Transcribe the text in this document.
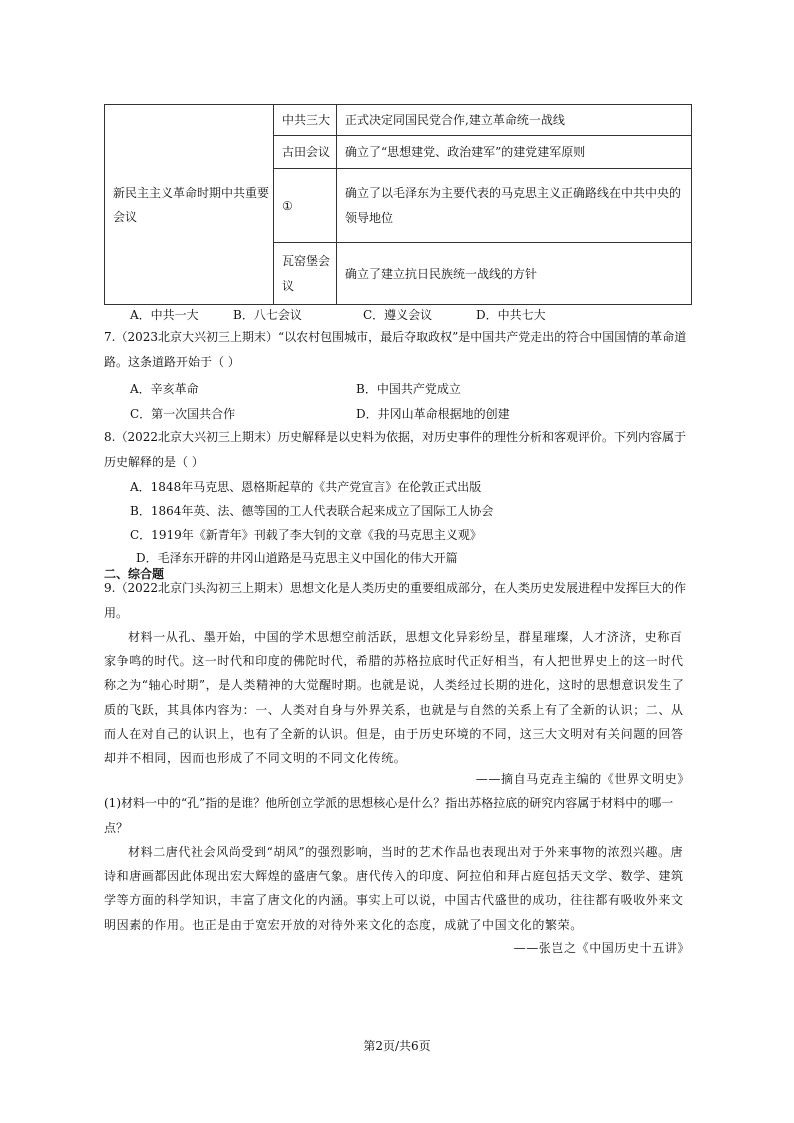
新民主主义革命时期中共重要会议	中共三大	正式决定同国民党合作,建立革命统一战线
	古田会议	确立了“思想建党、政治建军”的建党建军原则
	①	确立了以毛泽东为主要代表的马克思主义正确路线在中共中央的领导地位
	瓦窑堡会议	确立了建立抗日民族统一战线的方针
A．中共一大	B．八七会议	C．遵义会议	D．中共七大
7.（2023北京大兴初三上期末）“以农村包围城市，最后夺取政权”是中国共产党走出的符合中国国情的革命道路。这条道路开始于（ ）
A．辛亥革命	B．中国共产党成立
C．第一次国共合作	D．井冈山革命根据地的创建
8.（2022北京大兴初三上期末）历史解释是以史料为依据，对历史事件的理性分析和客观评价。下列内容属于历史解释的是（ ）
A．1848年马克思、恩格斯起草的《共产党宣言》在伦敦正式出版
B．1864年英、法、德等国的工人代表联合起来成立了国际工人协会
C．1919年《新青年》刊载了李大钊的文章《我的马克思主义观》
D．毛泽东开辟的井冈山道路是马克思主义中国化的伟大开篇
二、综合题
9.（2022北京门头沟初三上期末）思想文化是人类历史的重要组成部分，在人类历史发展进程中发挥巨大的作用。
材料一从孔、墨开始，中国的学术思想空前活跃，思想文化异彩纷呈，群星璀璨，人才济济，史称百家争鸣的时代。这一时代和印度的佛陀时代，希腊的苏格拉底时代正好相当，有人把世界史上的这一时代称之为“轴心时期”，是人类精神的大觉醒时期。也就是说，人类经过长期的进化，这时的思想意识发生了质的飞跃，其具体内容为：一、人类对自身与外界关系，也就是与自然的关系上有了全新的认识；二、从而人在对自己的认识上，也有了全新的认识。但是，由于历史环境的不同，这三大文明对有关问题的回答却并不相同，因而也形成了不同文明的不同文化传统。
——摘自马克垚主编的《世界文明史》
(1)材料一中的“孔”指的是谁？他所创立学派的思想核心是什么？指出苏格拉底的研究内容属于材料中的哪一点？
材料二唐代社会风尚受到“胡风”的强烈影响，当时的艺术作品也表现出对于外来事物的浓烈兴趣。唐诗和唐画都因此体现出宏大辉煌的盛唐气象。唐代传入的印度、阿拉伯和拜占庭包括天文学、数学、建筑学等方面的科学知识，丰富了唐文化的内涵。事实上可以说，中国古代盛世的成功，往往都有吸收外来文明因素的作用。也正是由于宽宏开放的对待外来文化的态度，成就了中国文化的繁荣。
——张岂之《中国历史十五讲》
第2页/共6页
